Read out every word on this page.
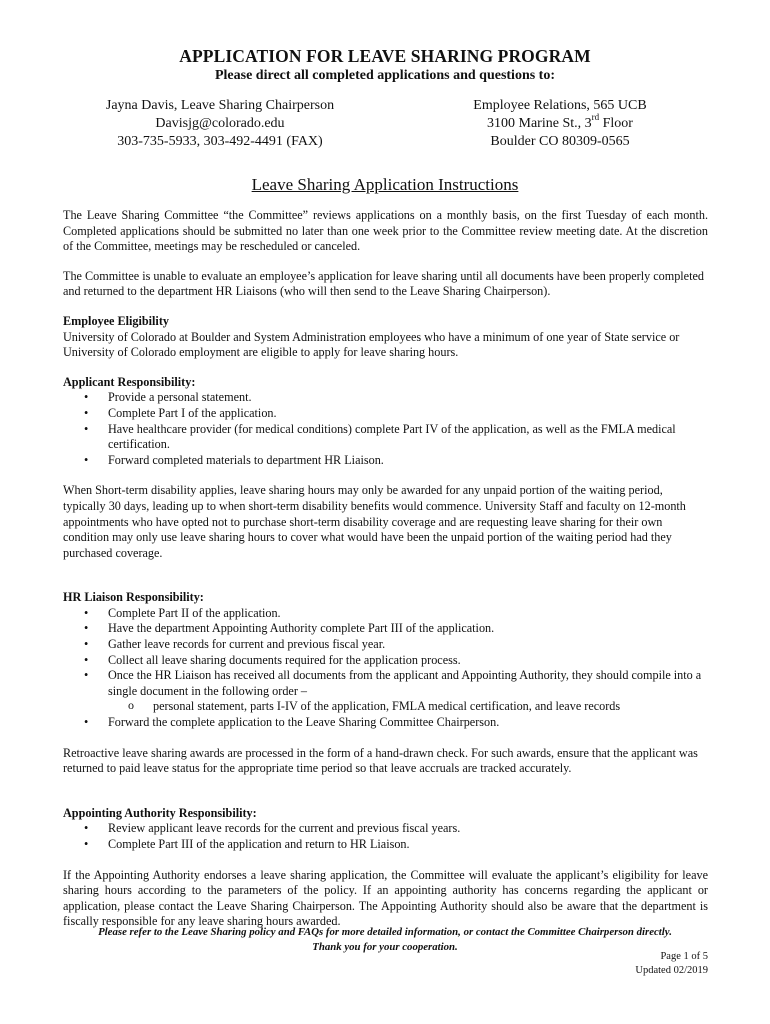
APPLICATION FOR LEAVE SHARING PROGRAM
Please direct all completed applications and questions to:
Jayna Davis, Leave Sharing Chairperson
Davisjg@colorado.edu
303-735-5933, 303-492-4491 (FAX)
Employee Relations, 565 UCB
3100 Marine St., 3rd Floor
Boulder CO 80309-0565
Leave Sharing Application Instructions

The Leave Sharing Committee “the Committee” reviews applications on a monthly basis, on the first Tuesday of each month. Completed applications should be submitted no later than one week prior to the Committee review meeting date. At the discretion of the Committee, meetings may be rescheduled or canceled.

The Committee is unable to evaluate an employee’s application for leave sharing until all documents have been properly completed and returned to the department HR Liaisons (who will then send to the Leave Sharing Chairperson).

Employee Eligibility

University of Colorado at Boulder and System Administration employees who have a minimum of one year of State service or University of Colorado employment are eligible to apply for leave sharing hours.

Applicant Responsibility:

• Provide a personal statement.
• Complete Part I of the application.
• Have healthcare provider (for medical conditions) complete Part IV of the application, as well as the FMLA medical certification.
• Forward completed materials to department HR Liaison.

When Short-term disability applies, leave sharing hours may only be awarded for any unpaid portion of the waiting period, typically 30 days, leading up to when short-term disability benefits would commence. University Staff and faculty on 12-month appointments who have opted not to purchase short-term disability coverage and are requesting leave sharing for their own condition may only use leave sharing hours to cover what would have been the unpaid portion of the waiting period had they purchased coverage.

HR Liaison Responsibility:

• Complete Part II of the application.
• Have the department Appointing Authority complete Part III of the application.
• Gather leave records for current and previous fiscal year.
• Collect all leave sharing documents required for the application process.
• Once the HR Liaison has received all documents from the applicant and Appointing Authority, they should compile into a single document in the following order –
o personal statement, parts I-IV of the application, FMLA medical certification, and leave records
• Forward the complete application to the Leave Sharing Committee Chairperson.

Retroactive leave sharing awards are processed in the form of a hand-drawn check. For such awards, ensure that the applicant was returned to paid leave status for the appropriate time period so that leave accruals are tracked accurately.

Appointing Authority Responsibility:

• Review applicant leave records for the current and previous fiscal years.
• Complete Part III of the application and return to HR Liaison.

If the Appointing Authority endorses a leave sharing application, the Committee will evaluate the applicant’s eligibility for leave sharing hours according to the parameters of the policy. If an appointing authority has concerns regarding the applicant or application, please contact the Leave Sharing Chairperson. The Appointing Authority should also be aware that the department is fiscally responsible for any leave sharing hours awarded.

Please refer to the Leave Sharing policy and FAQs for more detailed information, or contact the Committee Chairperson directly.
Thank you for your cooperation.
Page 1 of 5
Updated 02/2019
